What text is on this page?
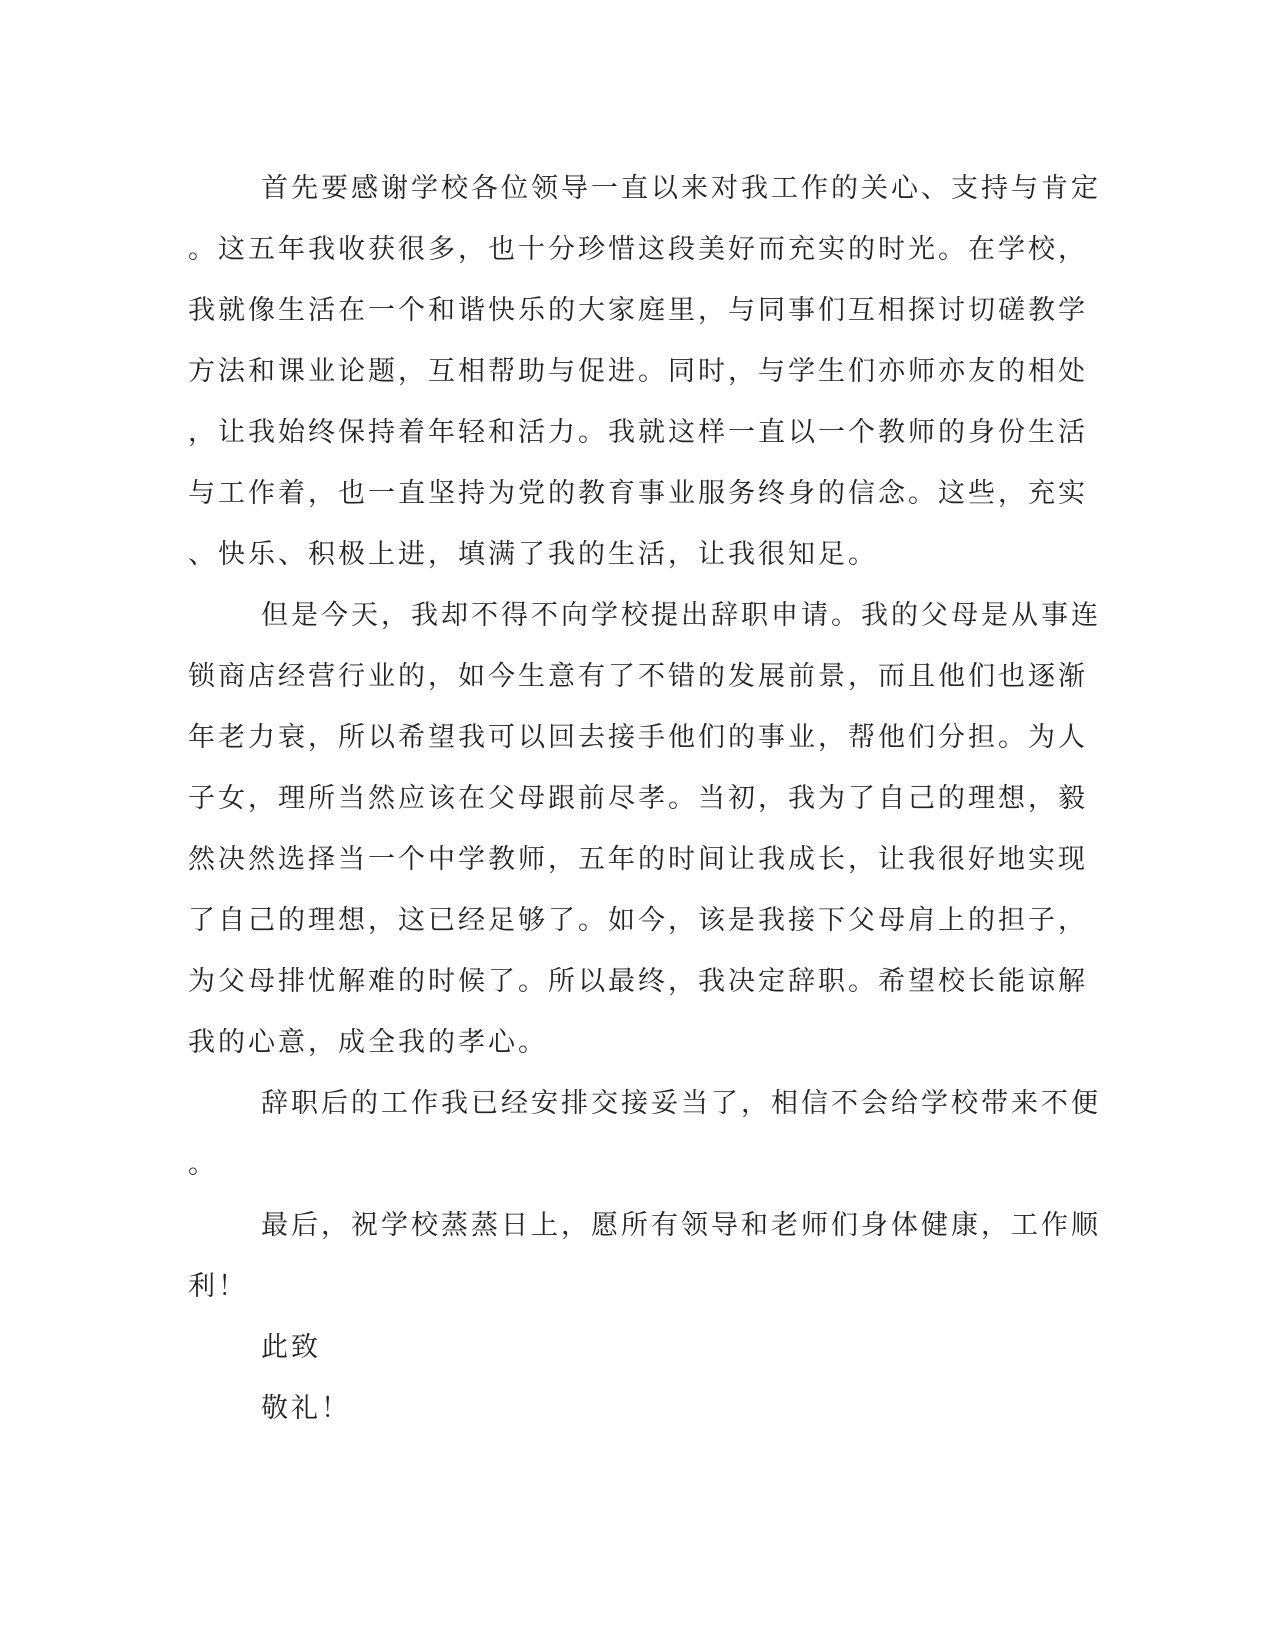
首先要感谢学校各位领导一直以来对我工作的关心、支持与肯定
。这五年我收获很多，也十分珍惜这段美好而充实的时光。在学校，
我就像生活在一个和谐快乐的大家庭里，与同事们互相探讨切磋教学
方法和课业论题，互相帮助与促进。同时，与学生们亦师亦友的相处
，让我始终保持着年轻和活力。我就这样一直以一个教师的身份生活
与工作着，也一直坚持为党的教育事业服务终身的信念。这些，充实
、快乐、积极上进，填满了我的生活，让我很知足。
但是今天，我却不得不向学校提出辞职申请。我的父母是从事连
锁商店经营行业的，如今生意有了不错的发展前景，而且他们也逐渐
年老力衰，所以希望我可以回去接手他们的事业，帮他们分担。为人
子女，理所当然应该在父母跟前尽孝。当初，我为了自己的理想，毅
然决然选择当一个中学教师，五年的时间让我成长，让我很好地实现
了自己的理想，这已经足够了。如今，该是我接下父母肩上的担子，
为父母排忧解难的时候了。所以最终，我决定辞职。希望校长能谅解
我的心意，成全我的孝心。
辞职后的工作我已经安排交接妥当了，相信不会给学校带来不便
。
最后，祝学校蒸蒸日上，愿所有领导和老师们身体健康，工作顺
利！
此致
敬礼！
